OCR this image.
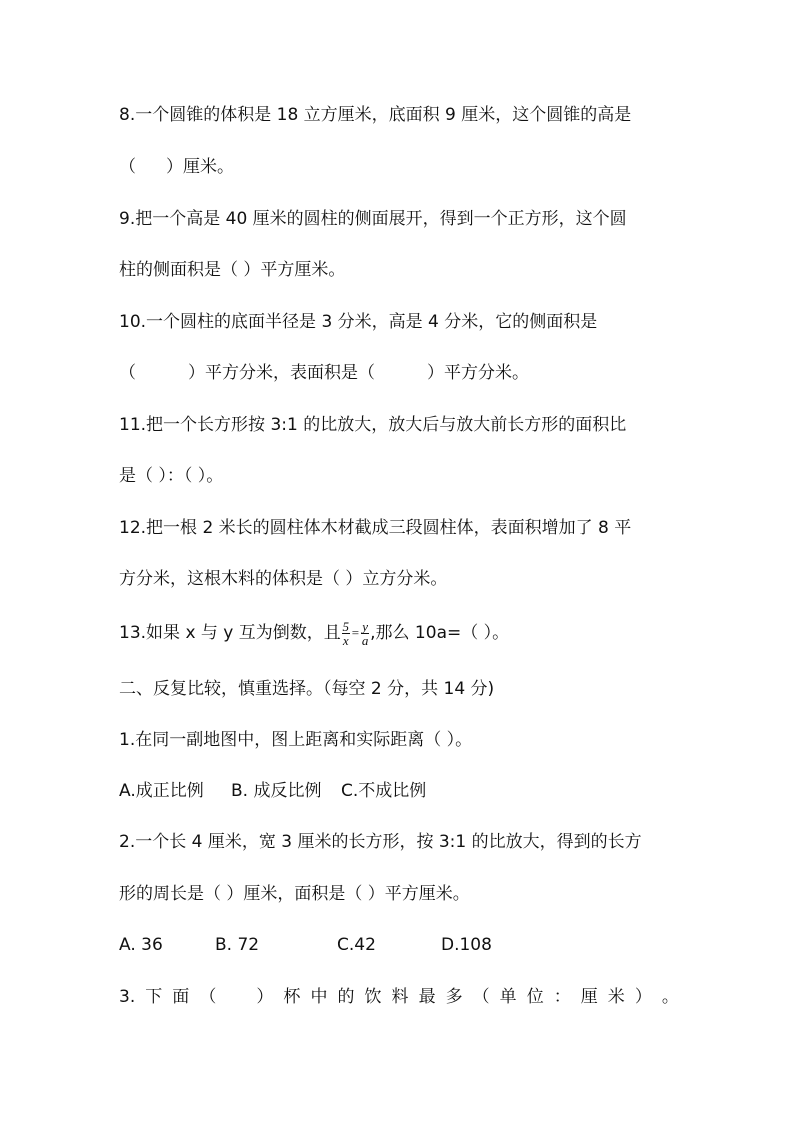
8.一个圆锥的体积是 18 立方厘米，底面积 9 厘米，这个圆锥的高是
（ ）厘米。
9.把一个高是 40 厘米的圆柱的侧面展开，得到一个正方形，这个圆
柱的侧面积是（ ）平方厘米。
10.一个圆柱的底面半径是 3 分米，高是 4 分米，它的侧面积是
（	）平方分米，表面积是（	）平方分米。
11.把一个长方形按 3:1 的比放大，放大后与放大前长方形的面积比
是（ ）：（ ）。
12.把一根 2 米长的圆柱体木材截成三段圆柱体，表面积增加了 8 平
方分米，这根木料的体积是（ ）立方分米。
13.如果 x 与 y 互为倒数，且 $\frac{5}{x} = \frac{y}{a}$ ,那么 10a=（ ）。
二、反复比较，慎重选择。（每空 2 分，共 14 分)
1.在同一副地图中，图上距离和实际距离（ ）。
A.成正比例 B. 成反比例 C.不成比例
2.一个长 4 厘米，宽 3 厘米的长方形，按 3:1 的比放大，得到的长方
形的周长是（ ）厘米，面积是（ ）平方厘米。
A. 36	B. 72	C.42	D.108
3. 下 面 （ ） 杯 中 的 饮 料 最 多 （ 单 位 ： 厘 米 ） 。
